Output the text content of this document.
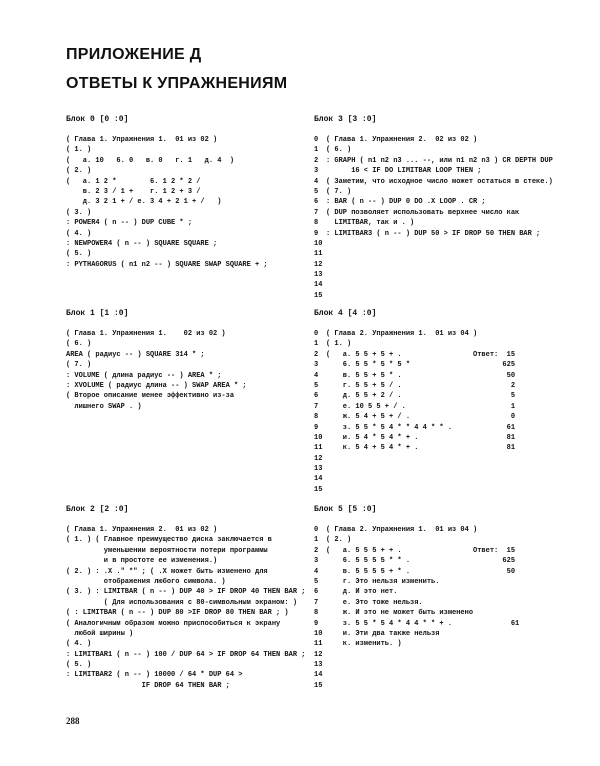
ПРИЛОЖЕНИЕ Д
ОТВЕТЫ К УПРАЖНЕНИЯМ
Блок 0 [0 :0]
( Глава 1. Упражнения 1.  01 из 02 )
( 1. )
(   а. 10   6. 0   в. 0   г. 1   д. 4  )
( 2. )
(   а. 1 2 *        6. 1 2 * 2 /
в. 2 3 / 1 +    г. 1 2 + 3 /
д. 3 2 1 + / е. 3 4 + 2 1 + /   )
( 3. )
: POWER4 ( n -- ) DUP CUBE * ;
( 4. )
: NEWPOWER4 ( n -- ) SQUARE SQUARE ;
( 5. )
: PYTHAGORUS ( n1 n2 -- ) SQUARE SWAP SQUARE + ;
Блок 3 [3 :0]
0 ( Глава 1. Упражнения 2.  02 из 02 )
1 ( 6. )
2 : GRAPH ( n1 n2 n3 ... --, или n1 n2 n3 ) CR DEPTH DUP
3      16 < IF DO LIMITBAR LOOP THEN ;
4 ( Заметим, что исходное число может остаться в стеке.)
5 ( 7. )
6 : BAR ( n -- ) DUP 0 DO .X LOOP . CR ;
7 ( DUP позволяет использовать верхнее число как
8  LIMITBAR, так и . )
9 : LIMITBAR3 ( n -- ) DUP 50 > IF DROP 50 THEN BAR ;
10
11
12
13
14
15
Блок 1 [1 :0]
( Глава 1. Упражнения 1.    02 из 02 )
( 6. )
AREA ( радиус -- ) SQUARE 314 * ;
( 7. )
: VOLUME ( длина радиус -- ) AREA * ;
: XVOLUME ( радиус длина -- ) SWAP AREA * ;
( Второе описание менее эффективно из-за
лишнего SWAP . )
Блок 4 [4 :0]
0 ( Глава 2. Упражнения 1.  01 из 04 )
1 ( 1. )
2 (   а. 5 5 + 5 + .                 Ответ:  15
3    6. 5 5 * 5 * 5 *                      625
4    в. 5 5 + 5 * .                         50
5    г. 5 5 + 5 / .                          2
6    д. 5 5 + 2 / .                          5
7    е. 10 5 5 + / .                         1
8    ж. 5 4 + 5 + / .                        0
9    з. 5 5 * 5 4 * * 4 4 * * .             61
10    и. 5 4 * 5 4 * + .                     81
11    к. 5 4 + 5 4 * + .                     81
12
13
14
15
Блок 2 [2 :0]
( Глава 1. Упражнения 2.  01 из 02 )
( 1. ) ( Главное преимущество диска заключается в
уменьшении вероятности потери программы
и в простоте ее изменения.)
( 2. ) : .X ." *" ; ( .X может быть изменено для
отображения любого символа. )
( 3. ) : LIMITBAR ( n -- ) DUP 40 > IF DROP 40 THEN BAR ;
( Для использования с 80-символьным экраном: )
( : LIMITBAR ( n -- ) DUP 80 >IF DROP 80 THEN BAR ; )
( Аналогичным образом можно приспособиться к экрану
любой ширины )
( 4. )
: LIMITBAR1 ( n -- ) 100 / DUP 64 > IF DROP 64 THEN BAR ;
( 5. )
: LIMITBAR2 ( n -- ) 10000 / 64 * DUP 64 >
IF DROP 64 THEN BAR ;
Блок 5 [5 :0]
0 ( Глава 2. Упражнения 1.  01 из 04 )
1 ( 2. )
2 (   а. 5 5 5 + + .                 Ответ:  15
3    6. 5 5 5 5 * * .                      625
4    в. 5 5 5 5 + * .                       50
5    г. Это нельзя изменить.
6    д. И это нет.
7    е. Это тоже нельзя.
8    ж. И это не может быть изменено
9    з. 5 5 * 5 4 * 4 4 * * + .              61
10    и. Эти два также нельзя
11    к. изменить. )
12
13
14
15
288
